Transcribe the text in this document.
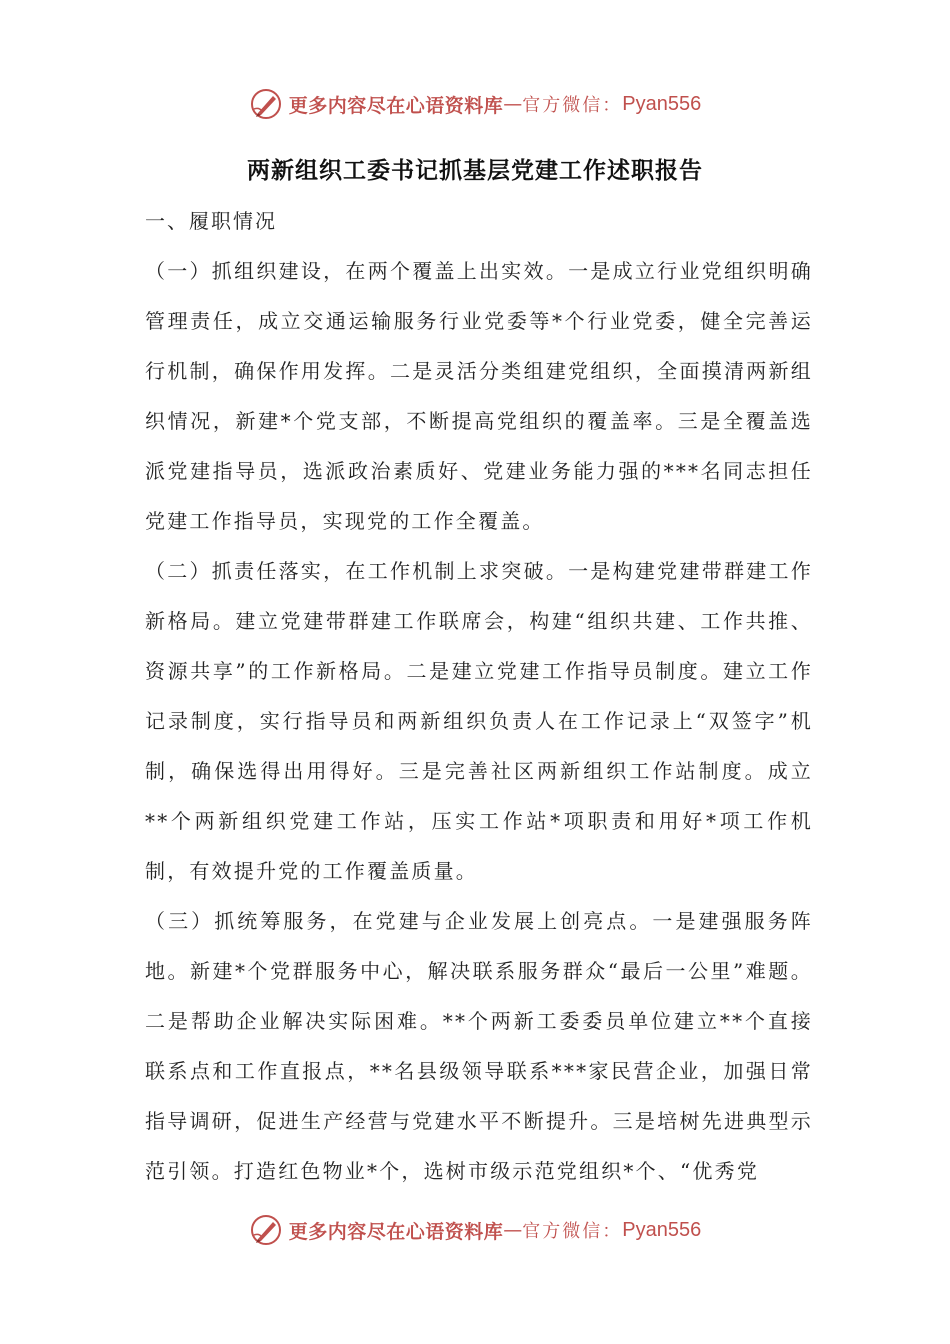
更多内容尽在心语资料库 — 官方微信： Pyan556
两新组织工委书记抓基层党建工作述职报告

一、履职情况

（一）抓组织建设，在两个覆盖上出实效。一是成立行业党组织明确管理责任，成立交通运输服务行业党委等*个行业党委，健全完善运行机制，确保作用发挥。二是灵活分类组建党组织，全面摸清两新组织情况，新建*个党支部，不断提高党组织的覆盖率。三是全覆盖选派党建指导员，选派政治素质好、党建业务能力强的***名同志担任党建工作指导员，实现党的工作全覆盖。

（二）抓责任落实，在工作机制上求突破。一是构建党建带群建工作新格局。建立党建带群建工作联席会，构建“组织共建、工作共推、资源共享”的工作新格局。二是建立党建工作指导员制度。建立工作记录制度，实行指导员和两新组织负责人在工作记录上“双签字”机制，确保选得出用得好。三是完善社区两新组织工作站制度。成立**个两新组织党建工作站，压实工作站*项职责和用好*项工作机制，有效提升党的工作覆盖质量。

（三）抓统筹服务，在党建与企业发展上创亮点。一是建强服务阵地。新建*个党群服务中心，解决联系服务群众“最后一公里”难题。二是帮助企业解决实际困难。**个两新工委委员单位建立**个直接联系点和工作直报点，**名县级领导联系***家民营企业，加强日常指导调研，促进生产经营与党建水平不断提升。三是培树先进典型示范引领。打造红色物业*个，选树市级示范党组织*个、“优秀党

更多内容尽在心语资料库 — 官方微信： Pyan556
